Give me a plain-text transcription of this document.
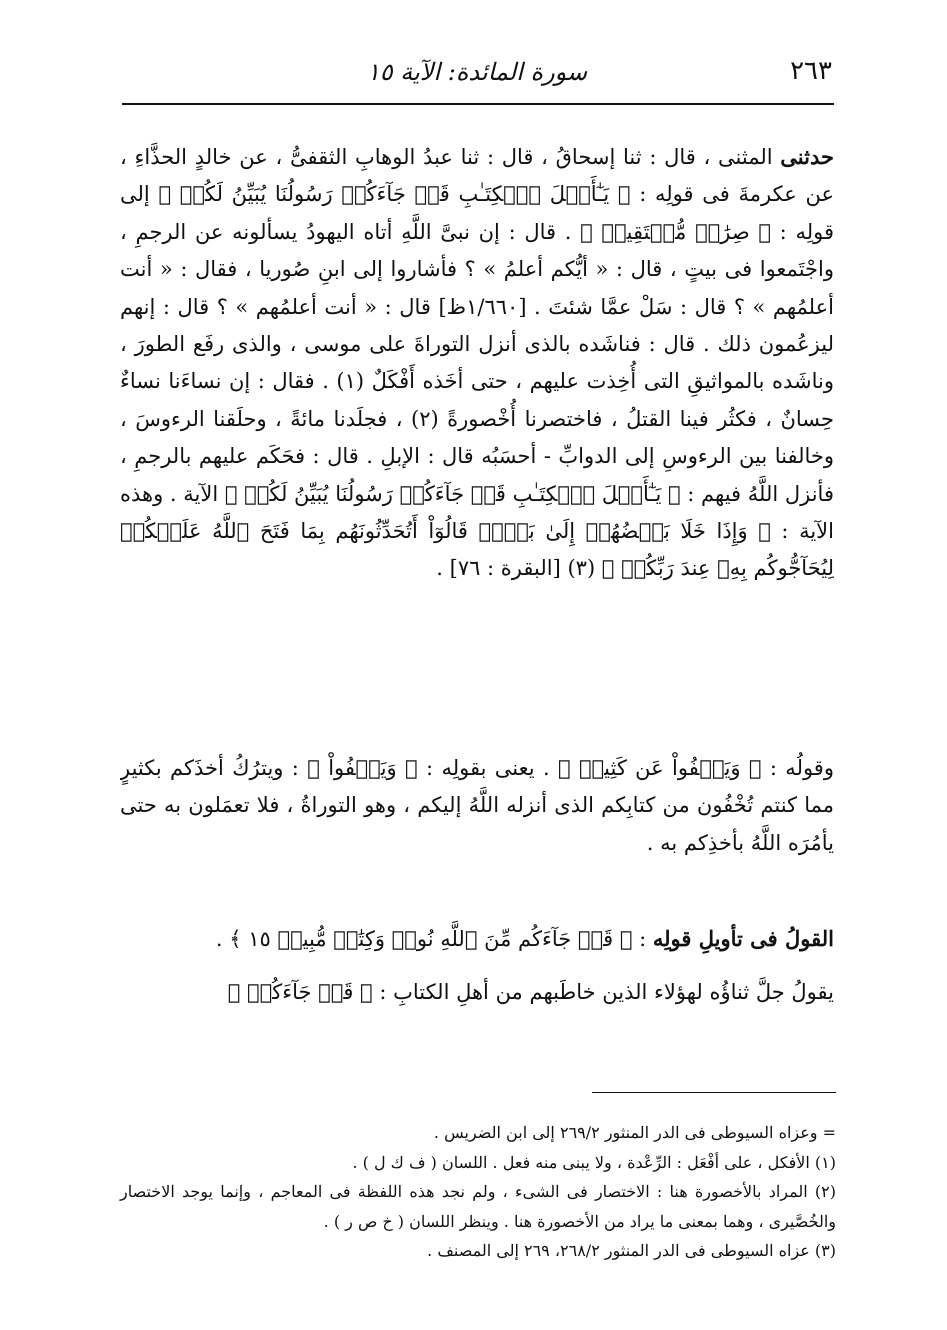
٢٦٣
سورة المائدة: الآية ١٥

حدثنى المثنى ، قال : ثنا إسحاقُ ، قال : ثنا عبدُ الوهابِ الثقفىُّ ، عن خالدٍ الحذَّاءِ ، عن عكرمةَ فى قولِه : ﴿ يَـٰٓأَهۡلَ ٱلۡكِتَـٰبِ قَدۡ جَآءَكُمۡ رَسُولُنَا يُبَيِّنُ لَكُمۡ ﴾ إلى قولِه : ﴿ صِرَٰطٖ مُّسۡتَقِيمٖ ﴾ . قال : إن نبىَّ اللَّهِ أتاه اليهودُ يسألونه عن الرجمِ ، واجْتَمعوا فى بيتٍ ، قال : « أيُّكم أعلمُ » ؟ فأشاروا إلى ابنِ صُوريا ، فقال : « أنت أعلمُهم » ؟ قال : سَلْ عمَّا شئتَ . [١/٦٦٠ظ] قال : « أنت أعلمُهم » ؟ قال : إنهم ليزعُمون ذلك . قال : فناشَده بالذى أنزل التوراةَ على موسى ، والذى رفَع الطورَ ، وناشَده بالمواثيقِ التى أُخِذت عليهم ، حتى أخَذه أَفْكَلٌ (١) . فقال : إن نساءَنا نساءٌ حِسانٌ ، فكثُر فينا القتلُ ، فاختصرنا أُخْصورةً (٢) ، فجلَدنا مائةً ، وحلَقنا الرءوسَ ، وخالفنا بين الرءوسِ إلى الدوابِّ - أحسَبُه قال : الإبلِ . قال : فحَكَم عليهم بالرجمِ ، فأنزل اللَّهُ فيهم : ﴿ يَـٰٓأَهۡلَ ٱلۡكِتَـٰبِ قَدۡ جَآءَكُمۡ رَسُولُنَا يُبَيِّنُ لَكُمۡ ﴾ الآية . وهذه الآية : ﴿ وَإِذَا خَلَا بَعۡضُهُمۡ إِلَىٰ بَعۡضٖ قَالُوٓاْ أَتُحَدِّثُونَهُم بِمَا فَتَحَ ٱللَّهُ عَلَيۡكُمۡ لِيُحَآجُّوكُم بِهِۦ عِندَ رَبِّكُمۡ ﴾ (٣) [البقرة : ٧٦] .

وقولُه : ﴿ وَيَعۡفُواْ عَن كَثِيرٖ ﴾ . يعنى بقولِه : ﴿ وَيَعۡفُواْ ﴾ : ويترُكُ أخذَكم بكثيرٍ مما كنتم تُخْفُون من كتابِكم الذى أنزله اللَّهُ إليكم ، وهو التوراةُ ، فلا تعمَلون به حتى يأمُرَه اللَّهُ بأخذِكم به .

القولُ فى تأويلِ قولِه : ﴿ قَدۡ جَآءَكُم مِّنَ ٱللَّهِ نُورٞ وَكِتَٰبٞ مُّبِينٞ ١٥ ﴾ .

يقولُ جلَّ ثناؤُه لهؤلاء الذين خاطَبهم من أهلِ الكتابِ : ﴿ قَدۡ جَآءَكُمۡ ﴾

= وعزاه السيوطى فى الدر المنثور ٢٦٩/٢ إلى ابن الضريس .

(١) الأفكل ، على أفْعَل : الرِّعْدة ، ولا يبنى منه فعل . اللسان ( ف ك ل ) .

(٢) المراد بالأخصورة هنا : الاختصار فى الشىء ، ولم نجد هذه اللفظة فى المعاجم ، وإنما يوجد الاختصار والخُصَّيرى ، وهما بمعنى ما يراد من الأخصورة هنا . وينظر اللسان ( خ ص ر ) .

(٣) عزاه السيوطى فى الدر المنثور ٢٦٨/٢، ٢٦٩ إلى المصنف .
